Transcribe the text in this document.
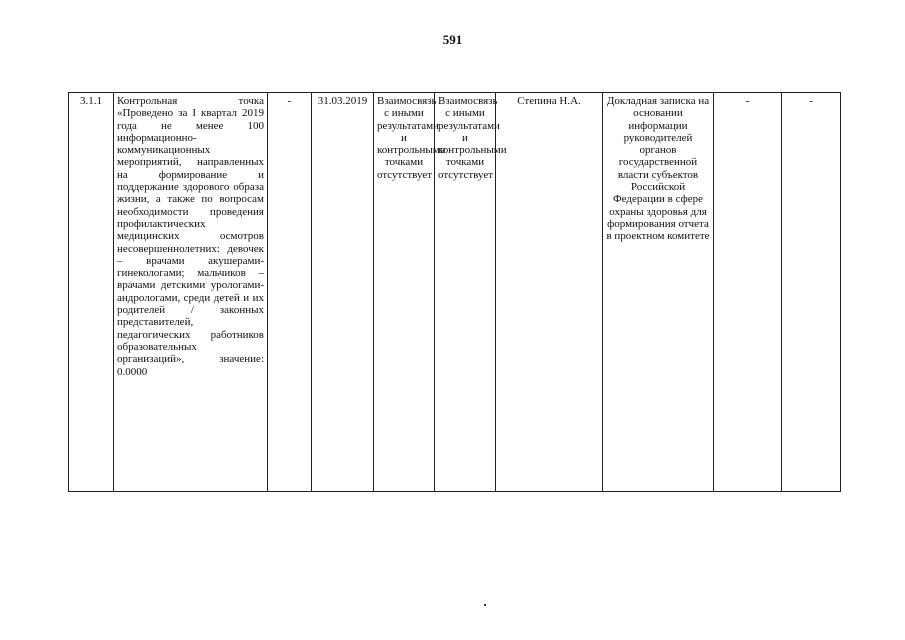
591
3.1.1	Контрольная точка «Проведено за I квартал 2019 года не менее 100 информационно-коммуникационных мероприятий, направленных на формирование и поддержание здорового образа жизни, а также по вопросам необходимости проведения профилактических медицинских осмотров несовершеннолетних: девочек – врачами акушерами-гинекологами; мальчиков – врачами детскими урологами-андрологами, среди детей и их родителей / законных представителей, педагогических работников образовательных организаций», значение: 0.0000	-	31.03.2019	Взаимосвязь с иными результатами и контрольными точками отсутствует	Взаимосвязь с иными результатами и контрольными точками отсутствует	Степина Н.А.	Докладная записка на основании информации руководителей органов государственной власти субъектов Российской Федерации в сфере охраны здоровья для формирования отчета в проектном комитете	-	-
